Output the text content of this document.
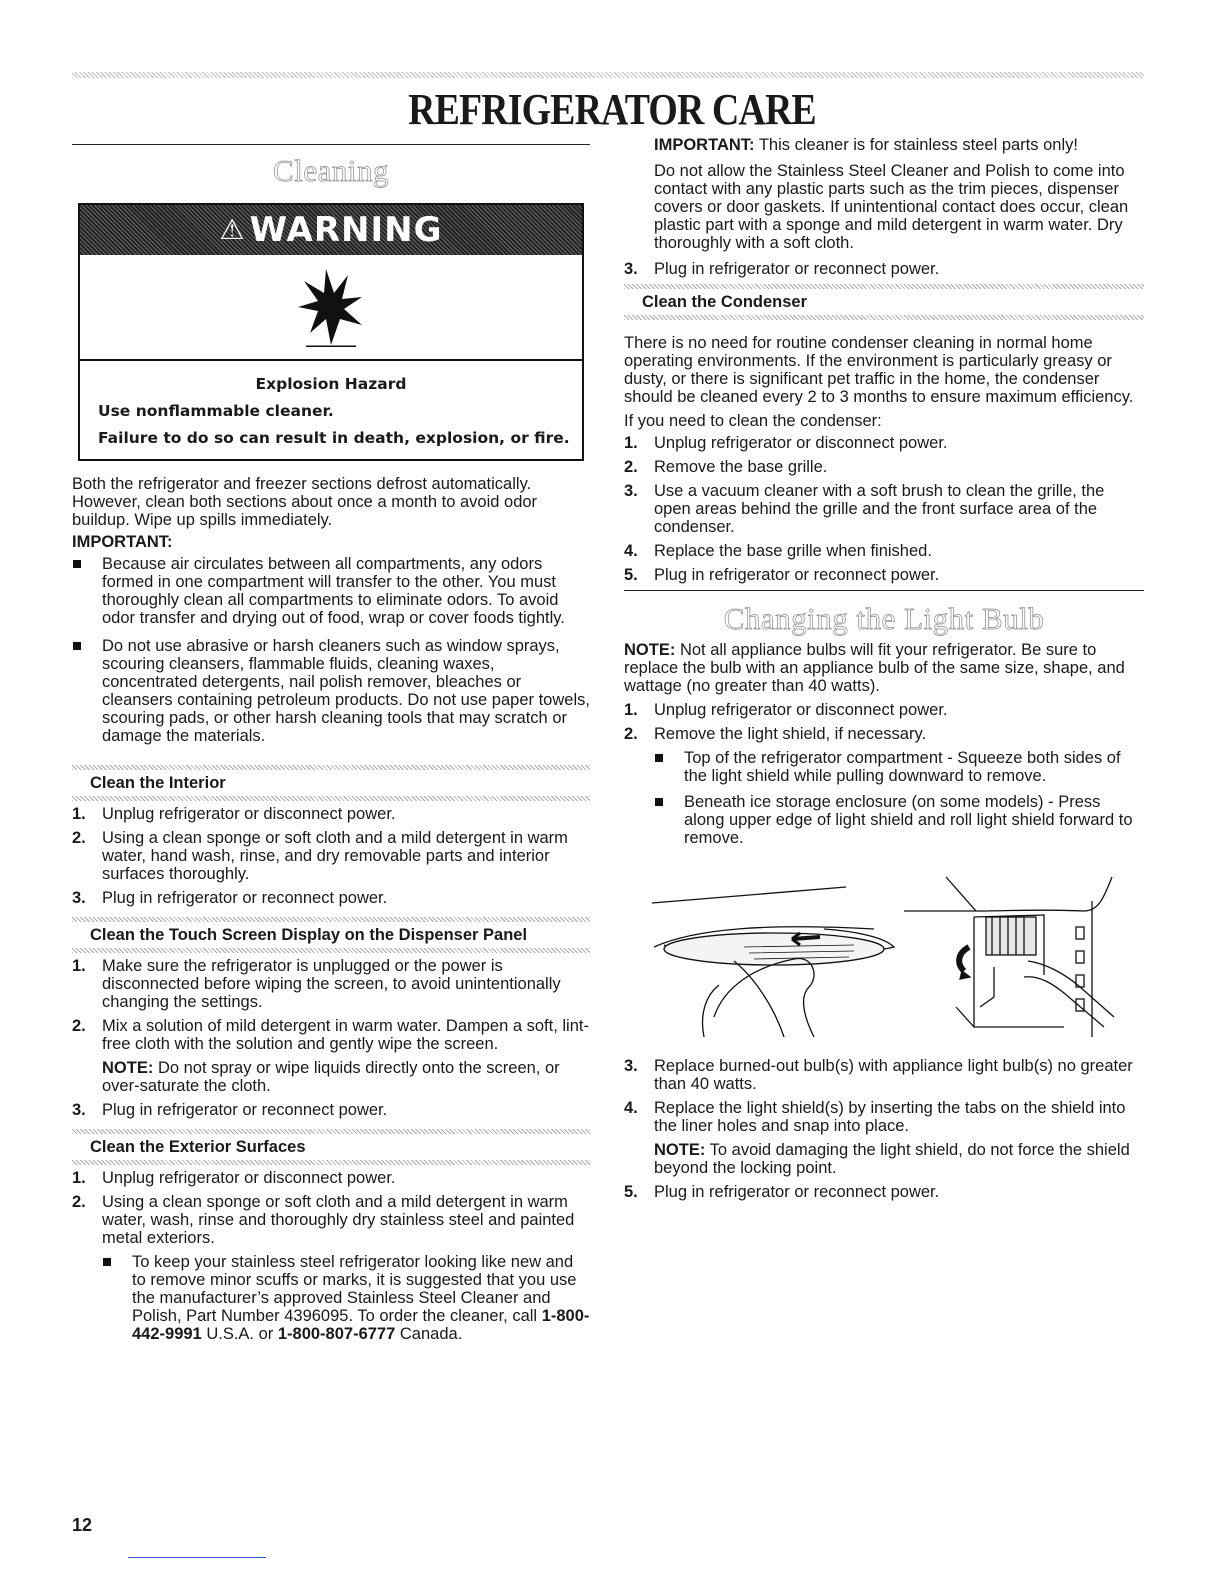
REFRIGERATOR CARE
Cleaning
⚠ WARNING
Explosion Hazard
Use nonflammable cleaner.
Failure to do so can result in death, explosion, or fire.

Both the refrigerator and freezer sections defrost automatically. However, clean both sections about once a month to avoid odor buildup. Wipe up spills immediately.

IMPORTANT:

Because air circulates between all compartments, any odors formed in one compartment will transfer to the other. You must thoroughly clean all compartments to eliminate odors. To avoid odor transfer and drying out of food, wrap or cover foods tightly.
Do not use abrasive or harsh cleaners such as window sprays, scouring cleansers, flammable fluids, cleaning waxes, concentrated detergents, nail polish remover, bleaches or cleansers containing petroleum products. Do not use paper towels, scouring pads, or other harsh cleaning tools that may scratch or damage the materials.
Clean the Interior
1. Unplug refrigerator or disconnect power.
2. Using a clean sponge or soft cloth and a mild detergent in warm water, hand wash, rinse, and dry removable parts and interior surfaces thoroughly.
3. Plug in refrigerator or reconnect power.
Clean the Touch Screen Display on the Dispenser Panel
1. Make sure the refrigerator is unplugged or the power is disconnected before wiping the screen, to avoid unintentionally changing the settings.
2. Mix a solution of mild detergent in warm water. Dampen a soft, lint-free cloth with the solution and gently wipe the screen.

NOTE: Do not spray or wipe liquids directly onto the screen, or over-saturate the cloth.

3. Plug in refrigerator or reconnect power.
Clean the Exterior Surfaces
1. Unplug refrigerator or disconnect power.
2. Using a clean sponge or soft cloth and a mild detergent in warm water, wash, rinse and thoroughly dry stainless steel and painted metal exteriors.
To keep your stainless steel refrigerator looking like new and to remove minor scuffs or marks, it is suggested that you use the manufacturer’s approved Stainless Steel Cleaner and Polish, Part Number 4396095. To order the cleaner, call 1-800-442-9991 U.S.A. or 1-800-807-6777 Canada.

IMPORTANT: This cleaner is for stainless steel parts only!

Do not allow the Stainless Steel Cleaner and Polish to come into contact with any plastic parts such as the trim pieces, dispenser covers or door gaskets. If unintentional contact does occur, clean plastic part with a sponge and mild detergent in warm water. Dry thoroughly with a soft cloth.

3. Plug in refrigerator or reconnect power.
Clean the Condenser

There is no need for routine condenser cleaning in normal home operating environments. If the environment is particularly greasy or dusty, or there is significant pet traffic in the home, the condenser should be cleaned every 2 to 3 months to ensure maximum efficiency.

If you need to clean the condenser:

1. Unplug refrigerator or disconnect power.
2. Remove the base grille.
3. Use a vacuum cleaner with a soft brush to clean the grille, the open areas behind the grille and the front surface area of the condenser.
4. Replace the base grille when finished.
5. Plug in refrigerator or reconnect power.
Changing the Light Bulb

NOTE: Not all appliance bulbs will fit your refrigerator. Be sure to replace the bulb with an appliance bulb of the same size, shape, and wattage (no greater than 40 watts).

1. Unplug refrigerator or disconnect power.
2. Remove the light shield, if necessary.
Top of the refrigerator compartment - Squeeze both sides of the light shield while pulling downward to remove.
Beneath ice storage enclosure (on some models) - Press along upper edge of light shield and roll light shield forward to remove.
3. Replace burned-out bulb(s) with appliance light bulb(s) no greater than 40 watts.
4. Replace the light shield(s) by inserting the tabs on the shield into the liner holes and snap into place.

NOTE: To avoid damaging the light shield, do not force the shield beyond the locking point.

5. Plug in refrigerator or reconnect power.
12
